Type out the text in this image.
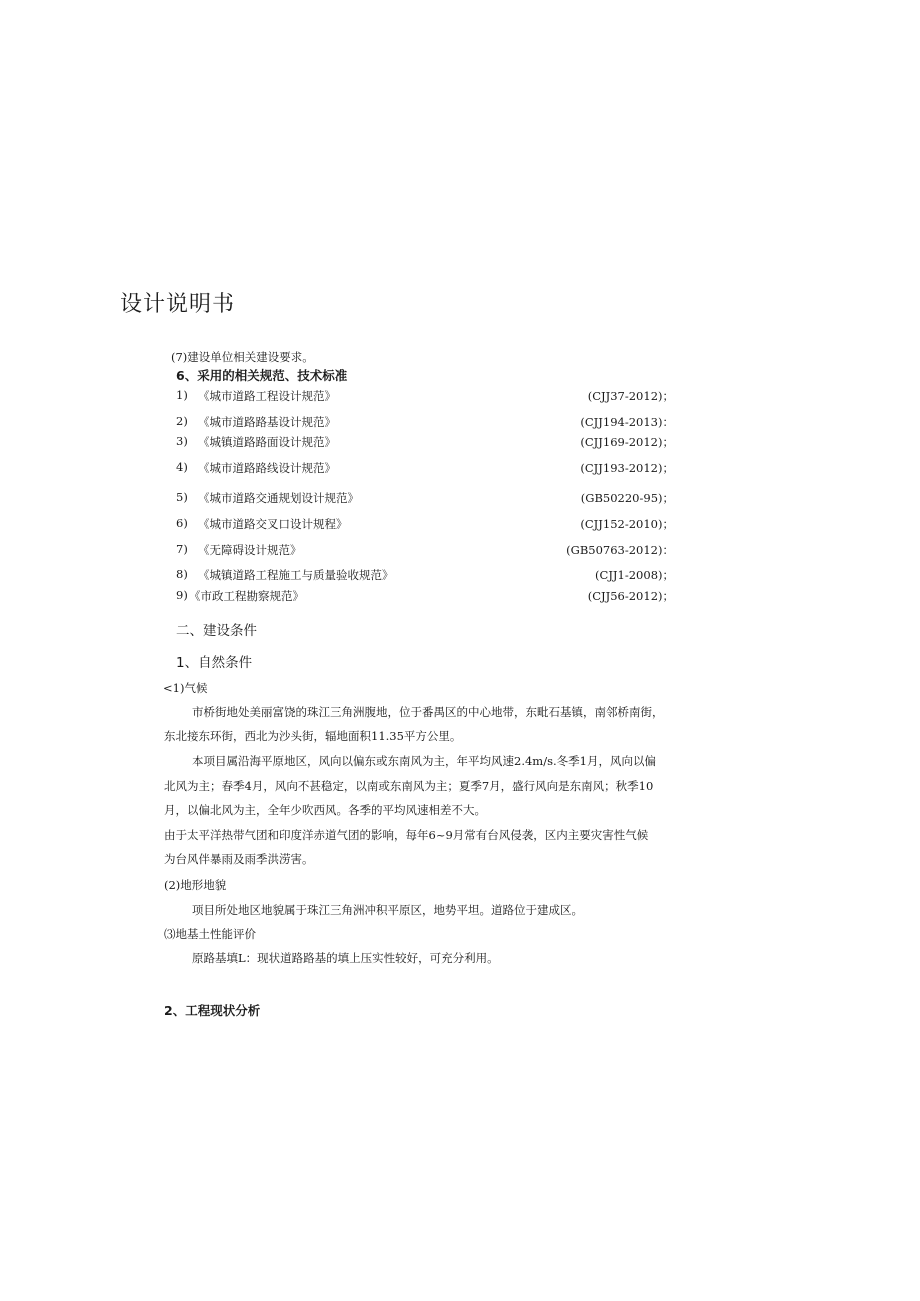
设计说明书
(7)建设单位相关建设要求。
6、采用的相关规范、技术标准
1) 《城市道路工程设计规范》	(CJJ37-2012)；
2) 《城市道路路基设计规范》	(CJJ194-2013)：
3) 《城镇道路路面设计规范》	(CJJ169-2012)；
4) 《城市道路路线设计规范》	(CJJ193-2012)；
5) 《城市道路交通规划设计规范》	(GB50220-95)；
6) 《城市道路交叉口设计规程》	(CJJ152-2010)；
7) 《无障碍设计规范》	(GB50763-2012)：
8) 《城镇道路工程施工与质量验收规范》	(CJJ1-2008)；
9) 《市政工程勘察规范》	(CJJ56-2012)；
二、建设条件
1、自然条件
<1)气候
市桥街地处美丽富饶的珠江三角洲腹地，位于番禺区的中心地带，东毗石基镇，南邻桥南街，
东北接东环街，西北为沙头街，辐地面积11.35平方公里。
本项目属沿海平原地区，风向以偏东或东南风为主，年平均风速2.4m/s.冬季1月，风向以偏
北风为主；春季4月，风向不甚稳定，以南或东南风为主；夏季7月，盛行风向是东南风；秋季10
月，以偏北风为主，全年少吹西风。各季的平均风速相差不大。
由于太平洋热带气团和印度洋赤道气团的影响，每年6~9月常有台风侵袭，区内主要灾害性气候
为台风伴暴雨及雨季洪涝害。
(2)地形地貌
项目所处地区地貌属于珠江三角洲冲积平原区，地势平坦。道路位于建成区。
⑶地基土性能评价
原路基填L：现状道路路基的填上压实性较好，可充分利用。
2、工程现状分析
